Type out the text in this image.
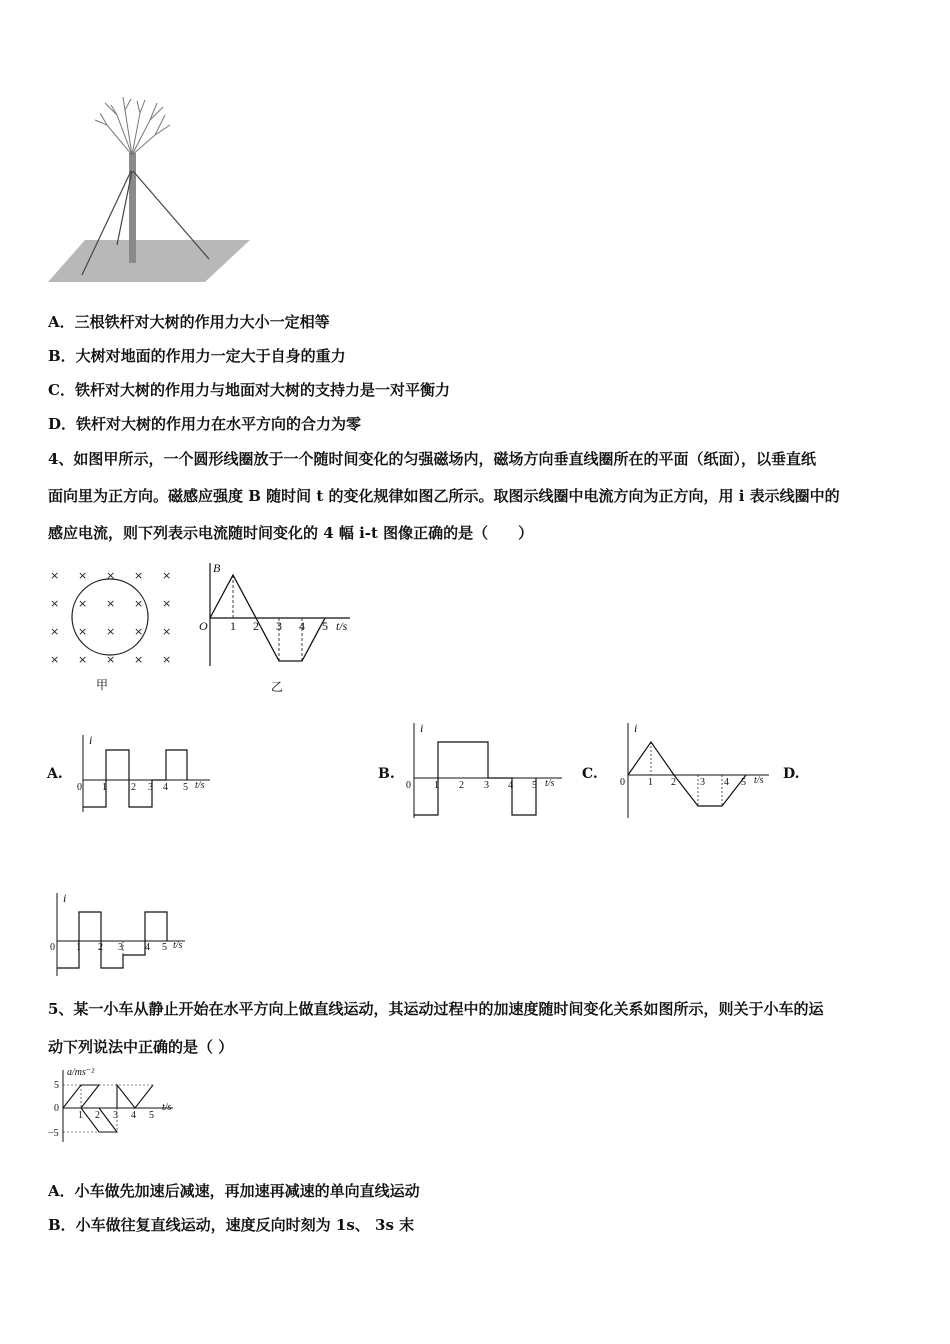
A．三根铁杆对大树的作用力大小一定相等
B．大树对地面的作用力一定大于自身的重力
C．铁杆对大树的作用力与地面对大树的支持力是一对平衡力
D．铁杆对大树的作用力在水平方向的合力为零
4、如图甲所示，一个圆形线圈放于一个随时间变化的匀强磁场内，磁场方向垂直线圈所在的平面（纸面），以垂直纸
面向里为正方向。磁感应强度 B 随时间 t 的变化规律如图乙所示。取图示线圈中电流方向为正方向，用 i 表示线圈中的
感应电流，则下列表示电流随时间变化的 4 幅 i-t 图像正确的是（　　）
× × × × ×
× × × × ×
× × × × ×
× × × × ×
甲
B
O 1 2 3 4 5 t/s
乙
A.
i
0 1 2 3 4 5 t/s
B.
i
0 1 2 3 4 5 t/s
C.
i
0 1 2 3 4 5 t/s D.
i
0 1 2 3 4 5 t/s
5、某一小车从静止开始在水平方向上做直线运动，其运动过程中的加速度随时间变化关系如图所示，则关于小车的运
动下列说法中正确的是（ ）
a/ms⁻²
5
0
−5
1 2 3 4 5
t/s
A．小车做先加速后减速，再加速再减速的单向直线运动
B．小车做往复直线运动，速度反向时刻为 1s、 3s 末
